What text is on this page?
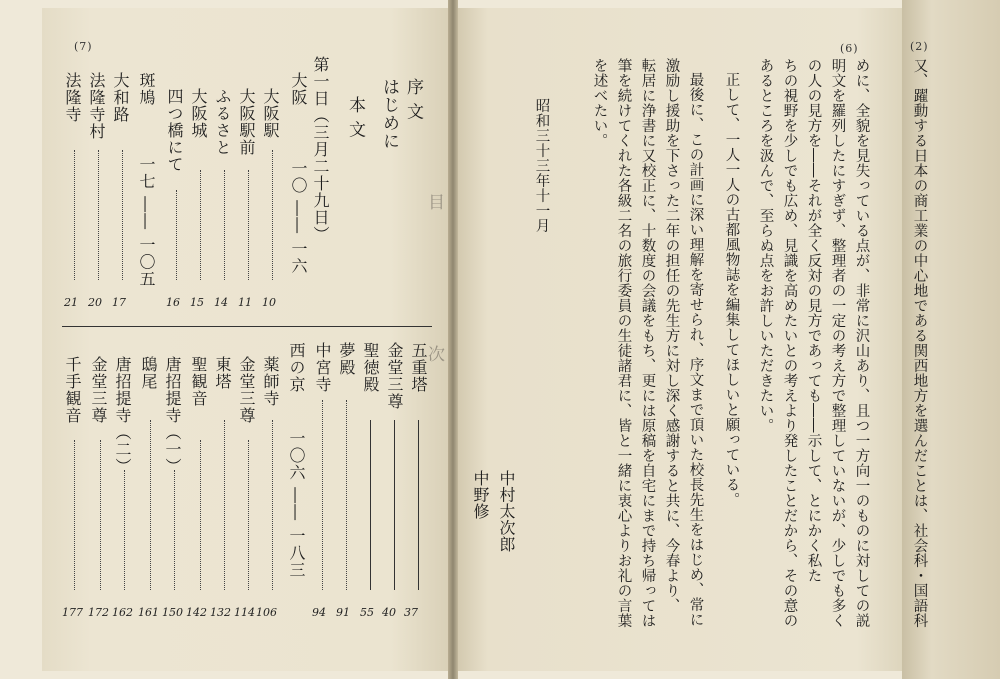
(7)
目
次
序 文
はじめに
本 文
第一日（三月二十九日）
大阪
一〇 ―― 一六
大阪駅
大阪駅前
ふるさと
大阪城
四つ橋にて
斑鳩
一七 ―― 一〇五
大和路
法隆寺村
法隆寺
10
11
14
15
16
17
20
21
五重塔
金堂三尊
聖徳殿
夢殿
中宮寺
西の京
一〇六 ―― 一八三
薬師寺
金堂三尊
東塔
聖観音
唐招提寺（一）
鴟尾
唐招提寺（二）
金堂三尊
千手観音
37
40
55
91
94
106
114
132
142
150
161
162
172
177
(6)
めに、全貌を見失っている点が、非常に沢山あり、且つ一方向一のものに対しての説
明文を羅列したにすぎず、整理者の一定の考え方で整理していないが、少しでも多く
の人の見方を――それが全く反対の見方であっても――示して、とにかく私た
ちの視野を少しでも広め、見識を高めたいとの考えより発したことだから、その意の
あるところを汲んで、至らぬ点をお許しいただきたい。
正して、一人一人の古都風物誌を編集してほしいと願っている。
最後に、この計画に深い理解を寄せられ、序文まで頂いた校長先生をはじめ、常に
激励し援助を下さった二年の担任の先生方に対し深く感謝すると共に、今春より、
転居に浄書に又校正に、十数度の会議をもち、更には原稿を自宅にまで持ち帰っては
筆を続けてくれた各級二名の旅行委員の生徒諸君に、皆と一緒に衷心よりお礼の言葉
を述べたい。
昭和三十三年十一月
中村太次郎
中野修
(2)
又、躍動する日本の商工業の中心地である関西地方を選んだことは、社会科・国語科
